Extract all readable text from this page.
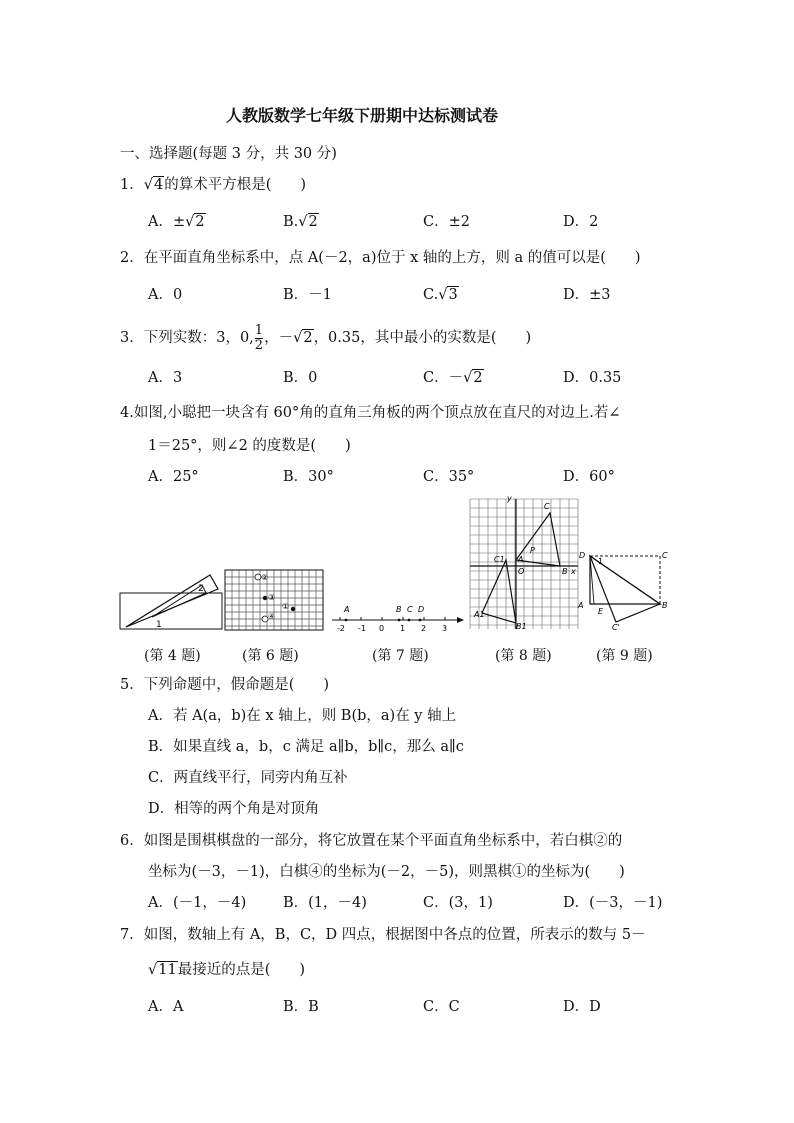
人教版数学七年级下册期中达标测试卷
一、选择题(每题 3 分，共 30 分)
1．√4的算术平方根是(　　)
A．±√2	B.√2	C．±2	D．2
2．在平面直角坐标系中，点 A(－2，a)位于 x 轴的上方，则 a 的值可以是(　　)
A．0	B．－1	C.√3	D．±3
3．下列实数：3，0, $\frac{1}{2}$ ，－√2，0.35，其中最小的实数是(　　)
A．3	B．0	C．－√2	D．0.35
4.如图,小聪把一块含有 60°角的直角三角板的两个顶点放在直尺的对边上.若∠
1＝25°，则∠2 的度数是(　　)
A．25°	B．30°	C．35°	D．60°
1
2
②
③
①
④
-2 -1 0 1 2 3
A	B C D
y
C
P
C1 A
O	B x
A1
B1
D	C
A
E
B
C'
1
(第 4 题)	(第 6 题)	(第 7 题)	(第 8 题)	(第 9 题)
5．下列命题中，假命题是(　　)
A．若 A(a，b)在 x 轴上，则 B(b，a)在 y 轴上
B．如果直线 a，b，c 满足 a∥b，b∥c，那么 a∥c
C．两直线平行，同旁内角互补
D．相等的两个角是对顶角
6．如图是围棋棋盘的一部分，将它放置在某个平面直角坐标系中，若白棋②的
坐标为(－3，－1)，白棋④的坐标为(－2，－5)，则黑棋①的坐标为(　　)
A．(－1，－4)	B．(1，－4)	C．(3，1)	D．(－3，－1)
7．如图，数轴上有 A，B，C，D 四点，根据图中各点的位置，所表示的数与 5－
√11最接近的点是(　　)
A．A	B．B	C．C	D．D
